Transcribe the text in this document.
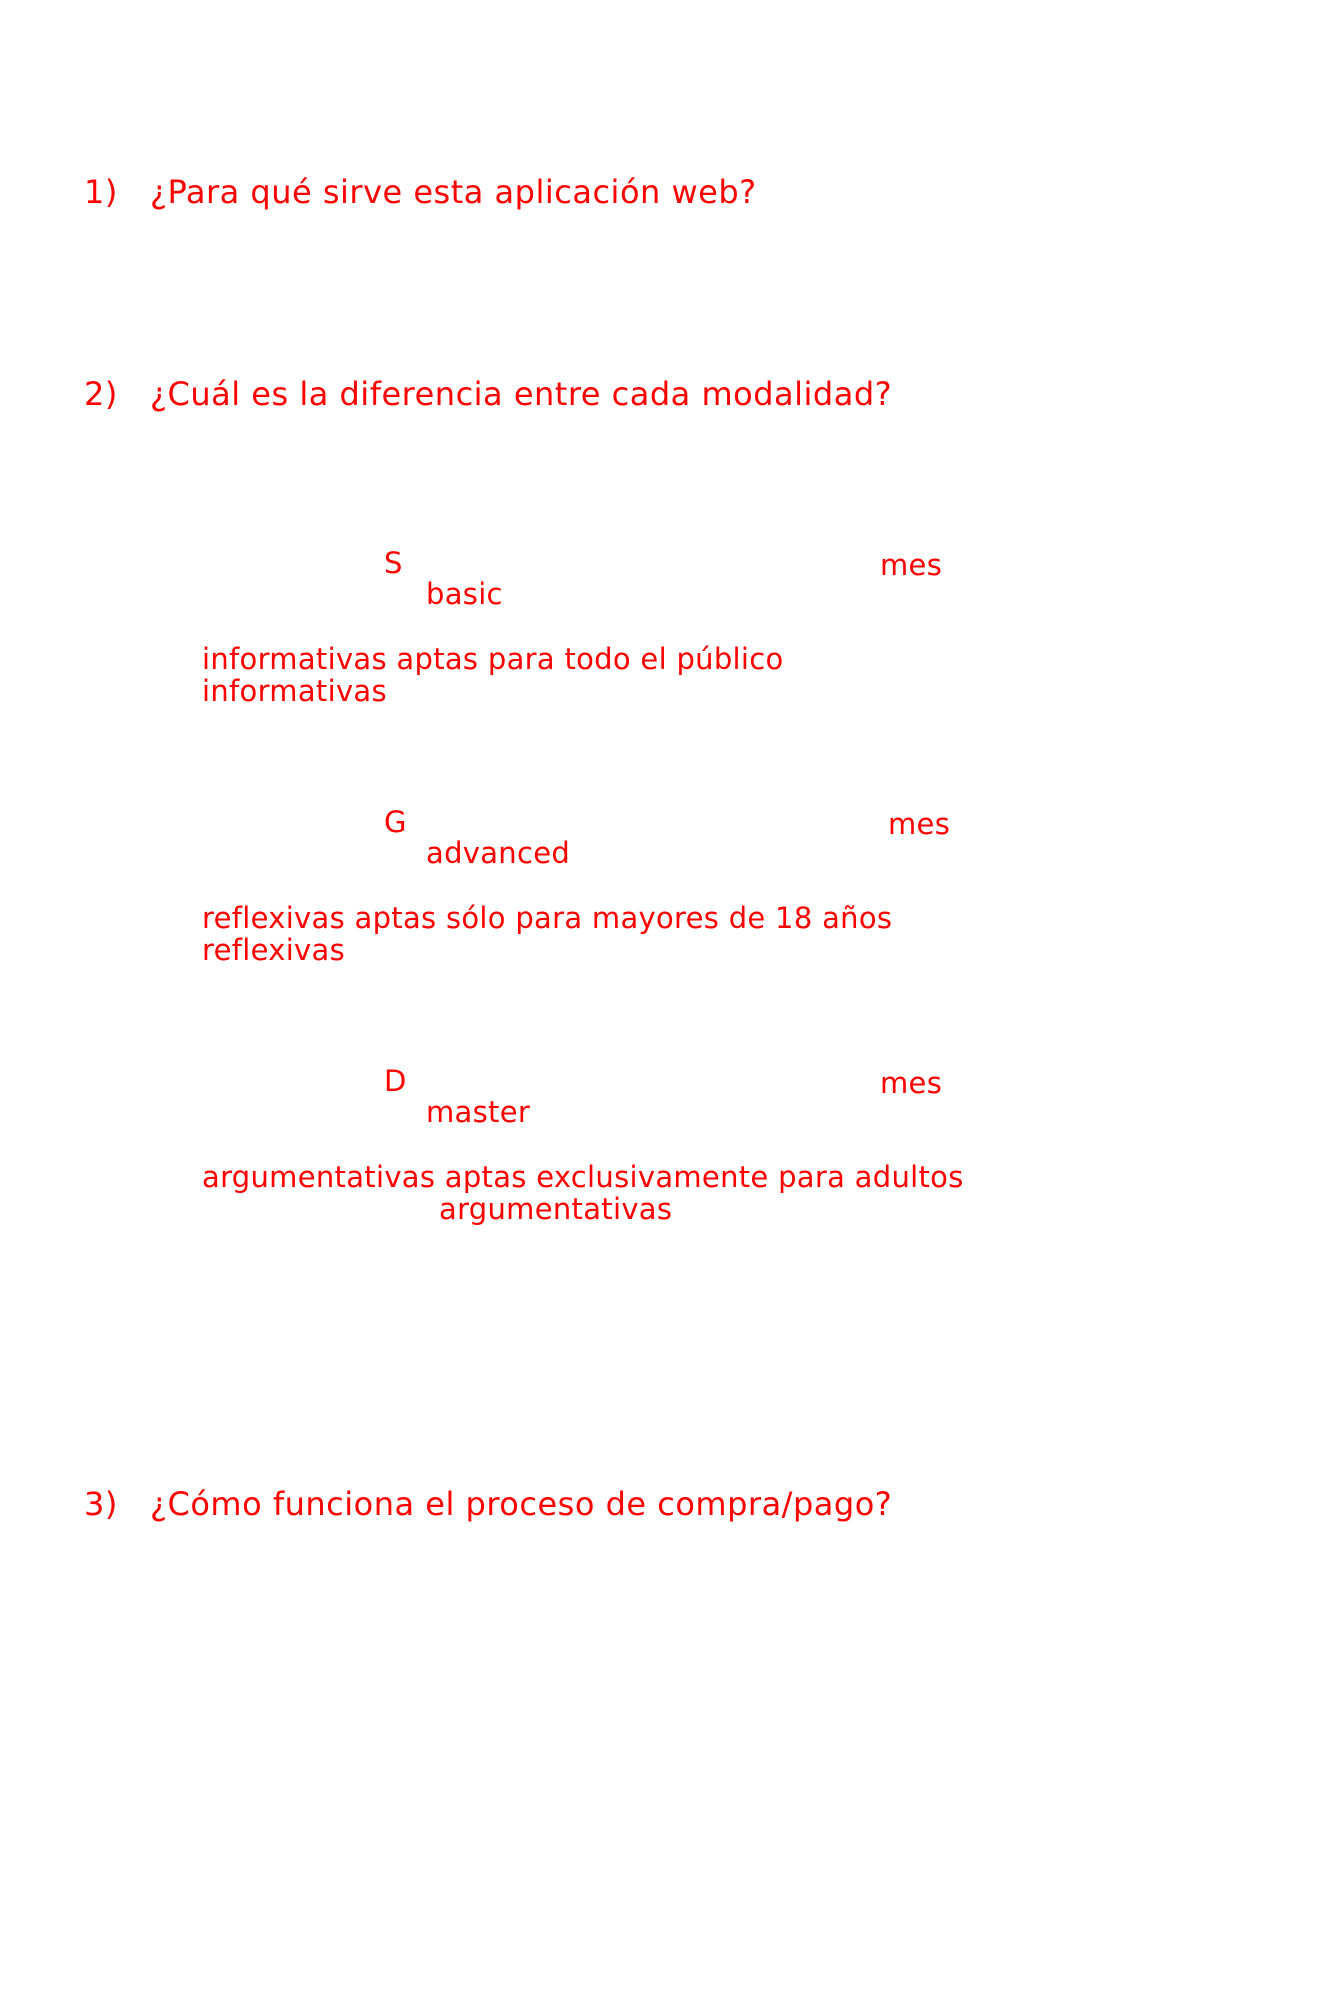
1) ¿Para qué sirve esta aplicación web?
2) ¿Cuál es la diferencia entre cada modalidad?
S	mes
basic
informativas aptas para todo el público
informativas
G	mes
advanced
reflexivas aptas sólo para mayores de 18 años
reflexivas
D	mes
master
argumentativas aptas exclusivamente para adultos
argumentativas
3) ¿Cómo funciona el proceso de compra/pago?
